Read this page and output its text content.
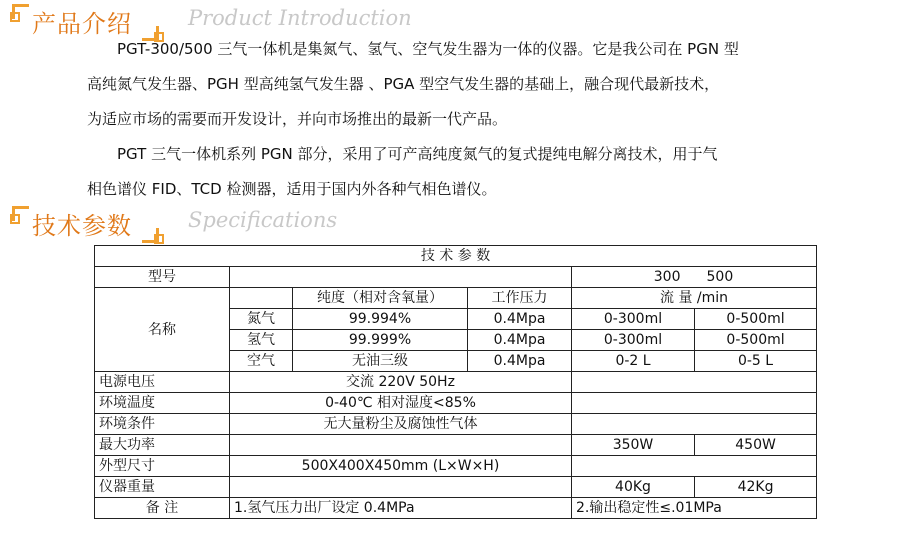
产品介绍	Product Introduction

PGT-300/500 三气一体机是集氮气、氢气、空气发生器为一体的仪器。它是我公司在 PGN 型

高纯氮气发生器、PGH 型高纯氢气发生器 、PGA 型空气发生器的基础上，融合现代最新技术，

为适应市场的需要而开发设计，并向市场推出的最新一代产品。

PGT 三气一体机系列 PGN 部分，采用了可产高纯度氮气的复式提纯电解分离技术，用于气

相色谱仪 FID、TCD 检测器，适用于国内外各种气相色谱仪。

技术参数	Specifications
技 术 参 数					
型号				300	500
名称		纯度（相对含氧量）	工作压力	流 量 /min	
	氮气	99.994%	0.4Mpa	0-300ml	0-500ml
	氢气	99.999%	0.4Mpa	0-300ml	0-500ml
	空气	无油三级	0.4Mpa	0-2 L	0-5 L
电源电压	交流 220V 50Hz				
环境温度	0-40℃ 相对湿度<85%				
环境条件	无大量粉尘及腐蚀性气体				
最大功率				350W	450W
外型尺寸	500X400X450mm (L×W×H)				
仪器重量				40Kg	42Kg
备 注	1.氢气压力出厂设定 0.4MPa			2.输出稳定性≤.01MPa	
